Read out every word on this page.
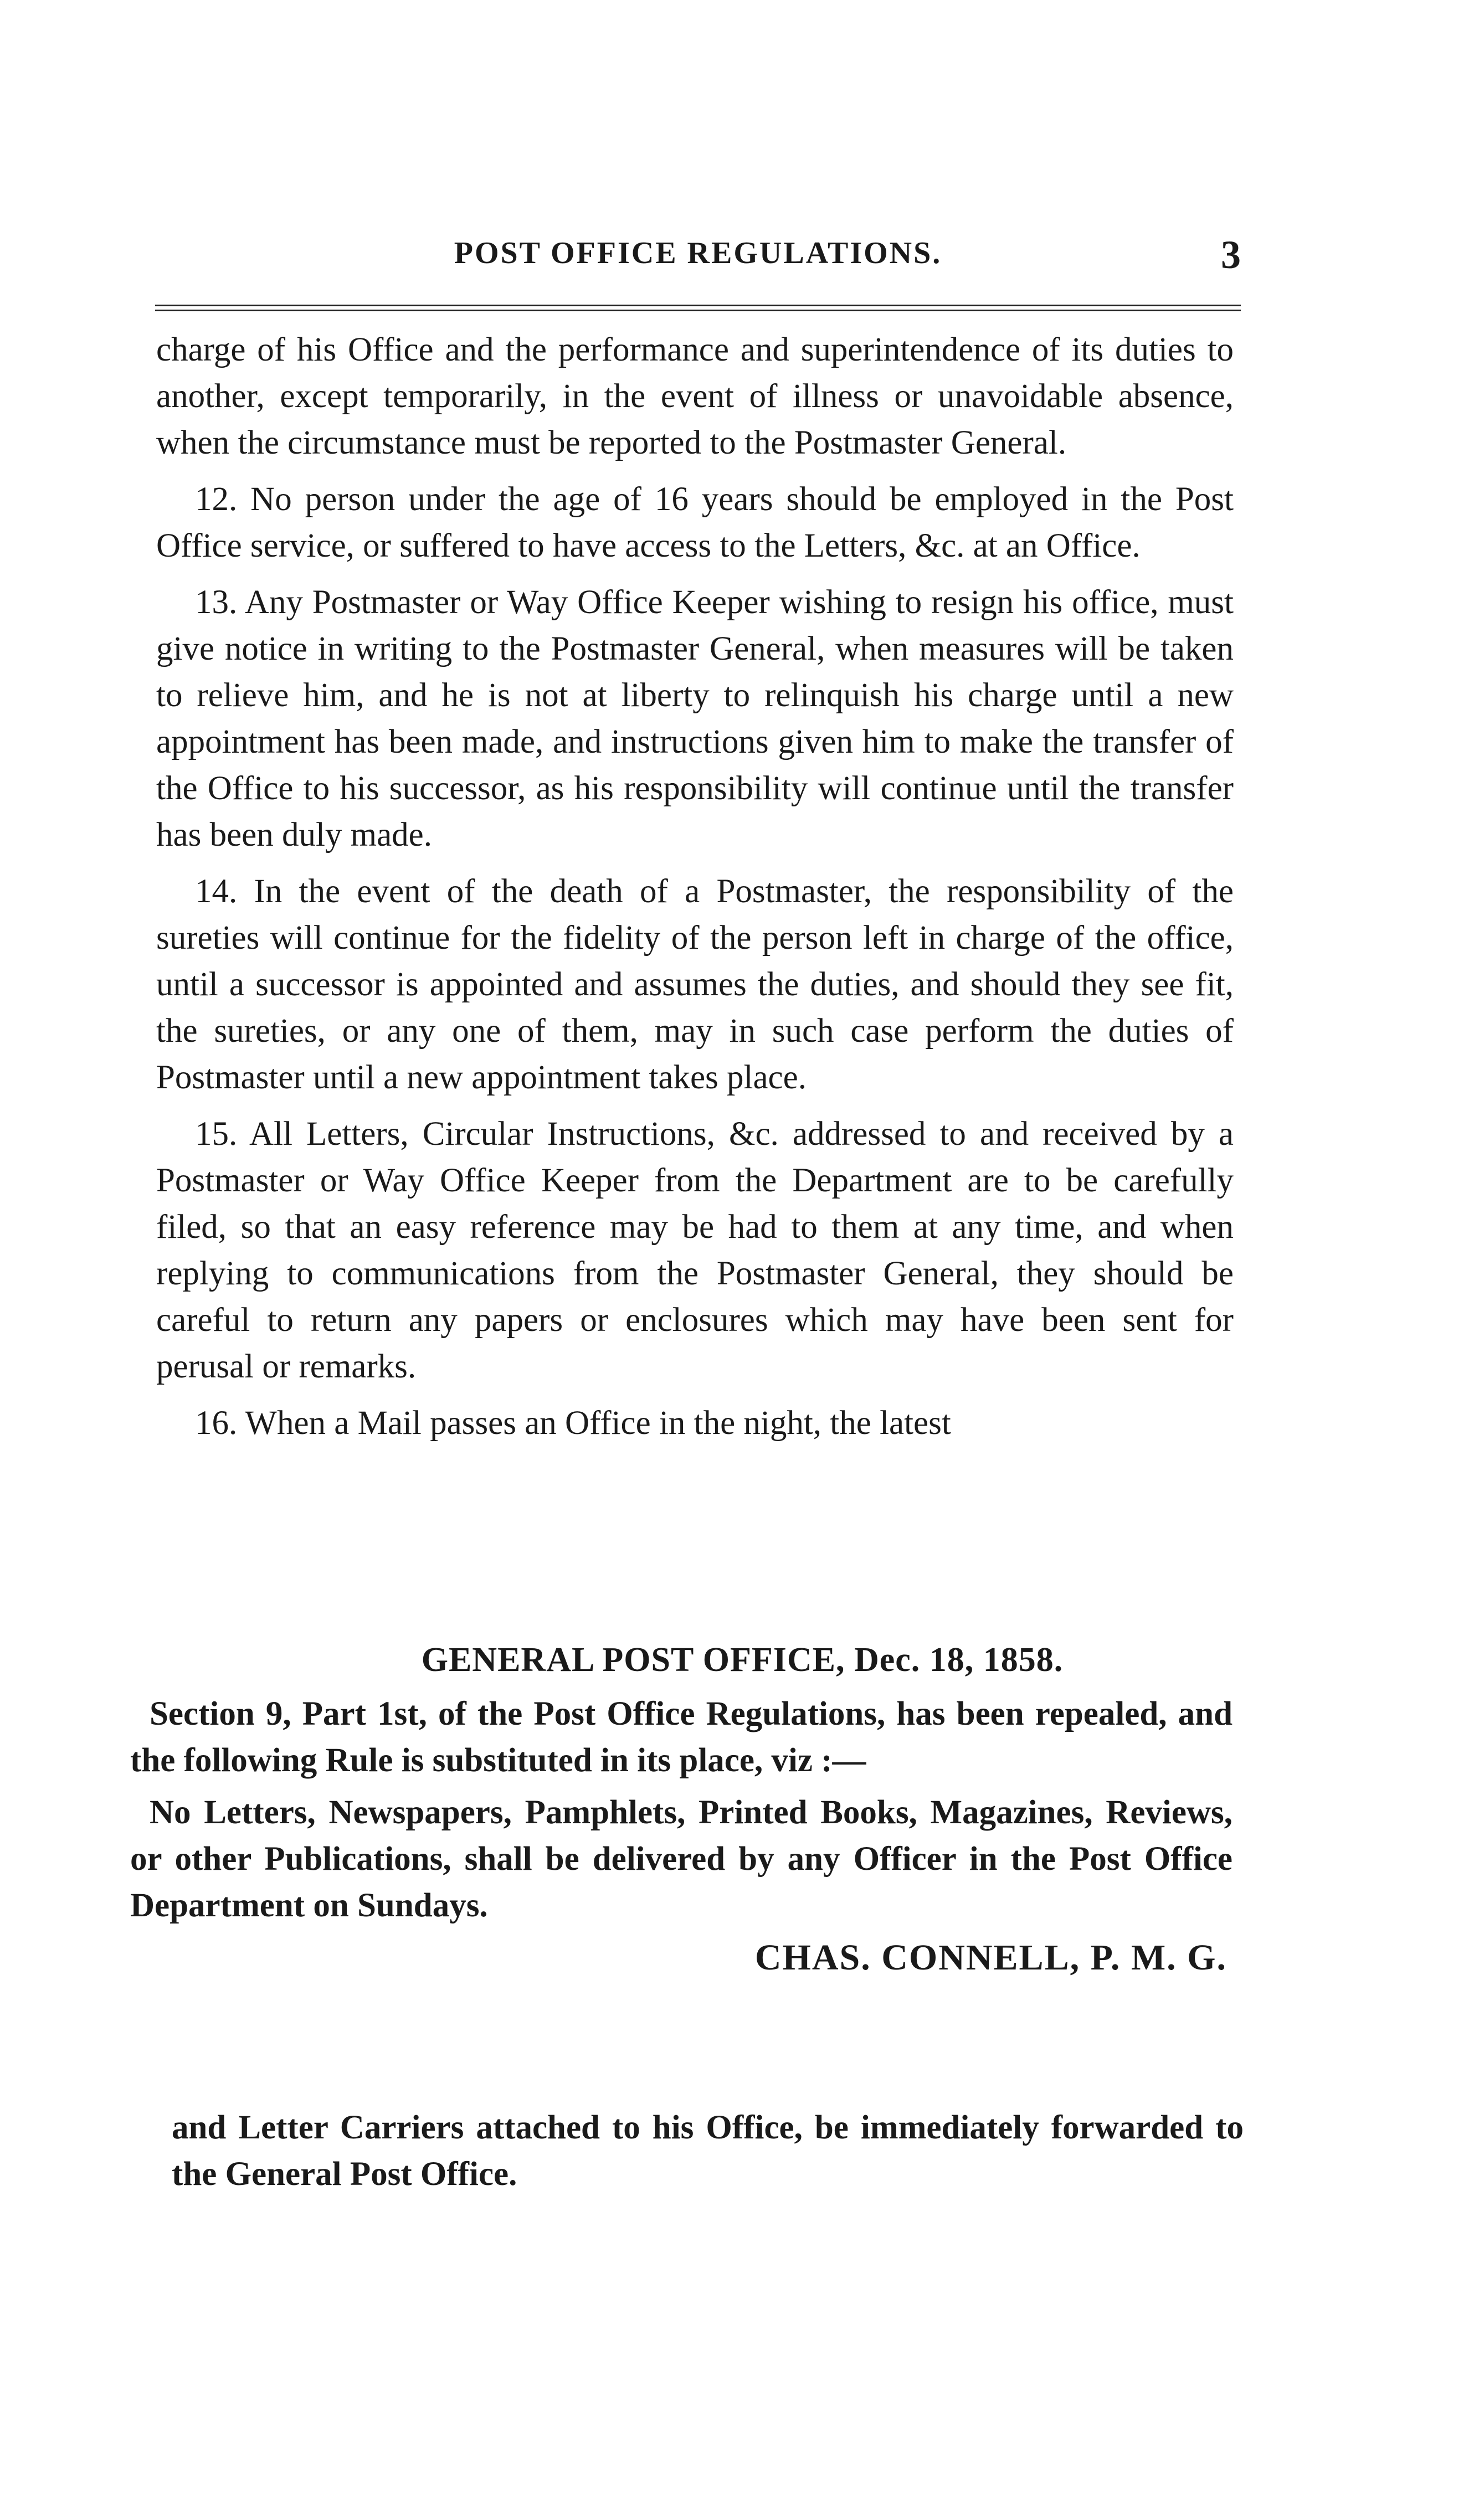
POST OFFICE REGULATIONS.	3

charge of his Office and the performance and superintendence of its duties to another, except temporarily, in the event of illness or unavoidable absence, when the circumstance must be reported to the Postmaster General.

12. No person under the age of 16 years should be employed in the Post Office service, or suffered to have access to the Letters, &c. at an Office.

13. Any Postmaster or Way Office Keeper wishing to resign his office, must give notice in writing to the Postmaster General, when measures will be taken to relieve him, and he is not at liberty to relinquish his charge until a new appointment has been made, and instructions given him to make the transfer of the Office to his successor, as his responsibility will continue until the transfer has been duly made.

14. In the event of the death of a Postmaster, the responsibility of the sureties will continue for the fidelity of the person left in charge of the office, until a successor is appointed and assumes the duties, and should they see fit, the sureties, or any one of them, may in such case perform the duties of Postmaster until a new appointment takes place.

15. All Letters, Circular Instructions, &c. addressed to and received by a Postmaster or Way Office Keeper from the Department are to be carefully filed, so that an easy reference may be had to them at any time, and when replying to communications from the Postmaster General, they should be careful to return any papers or enclosures which may have been sent for perusal or remarks.

16. When a Mail passes an Office in the night, the latest

GENERAL POST OFFICE, Dec. 18, 1858.

Section 9, Part 1st, of the Post Office Regulations, has been repealed, and the following Rule is substituted in its place, viz :—

No Letters, Newspapers, Pamphlets, Printed Books, Magazines, Reviews, or other Publications, shall be delivered by any Officer in the Post Office Department on Sundays.

CHAS. CONNELL, P. M. G.
and Letter Carriers attached to his Office, be immediately forwarded to the General Post Office.
